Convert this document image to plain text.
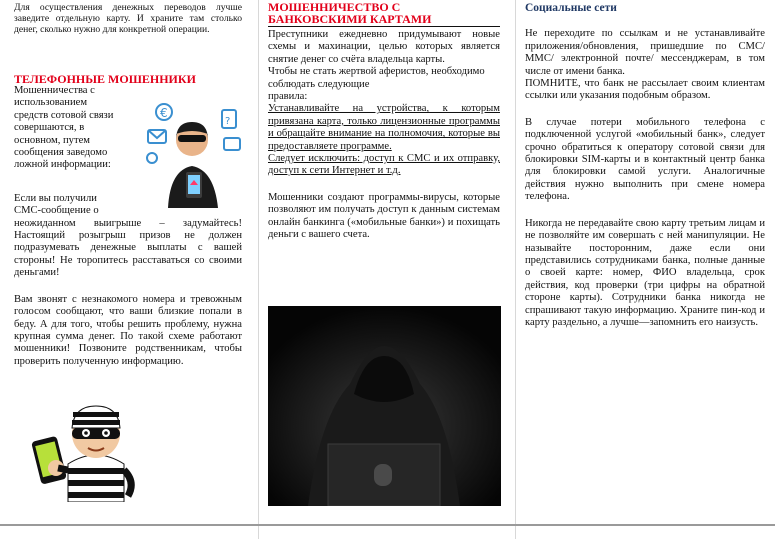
Для осуществления денежных переводов лучше заведите отдельную карту. И храните там столько денег, сколько нужно для конкретной операции.

ТЕЛЕФОННЫЕ МОШЕННИКИ

Мошенничества с

использованием

средств сотовой связи

совершаются, в

основном, путем

сообщения заведомо

ложной информации:

Если вы получили

СМС-сообщение о

неожиданном выигрыше – задумайтесь! Настоящий розыгрыш призов не должен подразумевать денежные выплаты с вашей стороны! Не торопитесь расставаться со своими деньгами!

Вам звонят с незнакомого номера и тревожным голосом сообщают, что ваши близкие попали в беду. А для того, чтобы решить проблему, нужна крупная сумма денег. По такой схеме работают мошенники! Позвоните родственникам, чтобы проверить полученную информацию.

€
?

МОШЕННИЧЕСТВО С БАНКОВСКИМИ КАРТАМИ

Преступники ежедневно придумывают новые схемы и махинации, целью которых является снятие денег со счёта владельца карты.

Чтобы не стать жертвой аферистов, необходимо

соблюдать следующие

правила:

Устанавливайте на устройства, к которым привязана карта, только лицензионные программы и обращайте внимание на полномочия, которые вы предоставляете программе.

Следует исключить: доступ к СМС и их отправку, доступ к сети Интернет и т.д.

Мошенники создают программы-вирусы, которые позволяют им получать доступ к данным системам онлайн банкинга («мобильные банки») и похищать деньги с вашего счета.

Социальные сети

Не переходите по ссылкам и не устанавливайте приложения/обновления, пришедшие по СМС/ММС/ электронной почте/ мессенджерам, в том числе от имени банка.

ПОМНИТЕ, что банк не рассылает своим клиентам ссылки или указания подобным образом.

В случае потери мобильного телефона с подключенной услугой «мобильный банк», следует срочно обратиться к оператору сотовой связи для блокировки SIM-карты и в контактный центр банка для блокировки самой услуги. Аналогичные действия нужно выполнить при смене номера телефона.

Никогда не передавайте свою карту третьим лицам и не позволяйте им совершать с ней манипуляции. Не называйте посторонним, даже если они представились сотрудниками банка, полные данные о своей карте: номер, ФИО владельца, срок действия, код проверки (три цифры на обратной стороне карты). Сотрудники банка никогда не спрашивают такую информацию. Храните пин-код и карту раздельно, а лучше—запомнить его наизусть.
